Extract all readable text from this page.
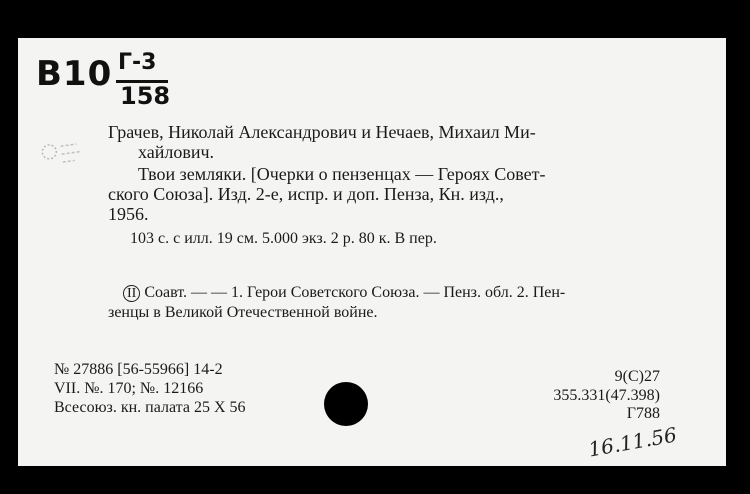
B10 Г-3
158
Грачев, Николай Александрович и Нечаев, Михаил Ми-
хайлович.
Твои земляки. [Очерки о пензенцах — Героях Совет-
ского Союза]. Изд. 2-е, испр. и доп. Пенза, Кн. изд.,
1956.
103 с. с илл. 19 см. 5.000 экз. 2 р. 80 к. В пер.
II Соавт. — — 1. Герои Советского Союза. — Пенз. обл. 2. Пен-
зенцы в Великой Отечественной войне.
№ 27886 [56-55966] 14-2
VII. №. 170; №. 12166
Всесоюз. кн. палата 25 X 56
9(С)27
355.331(47.398)
Г788
16.11.56
